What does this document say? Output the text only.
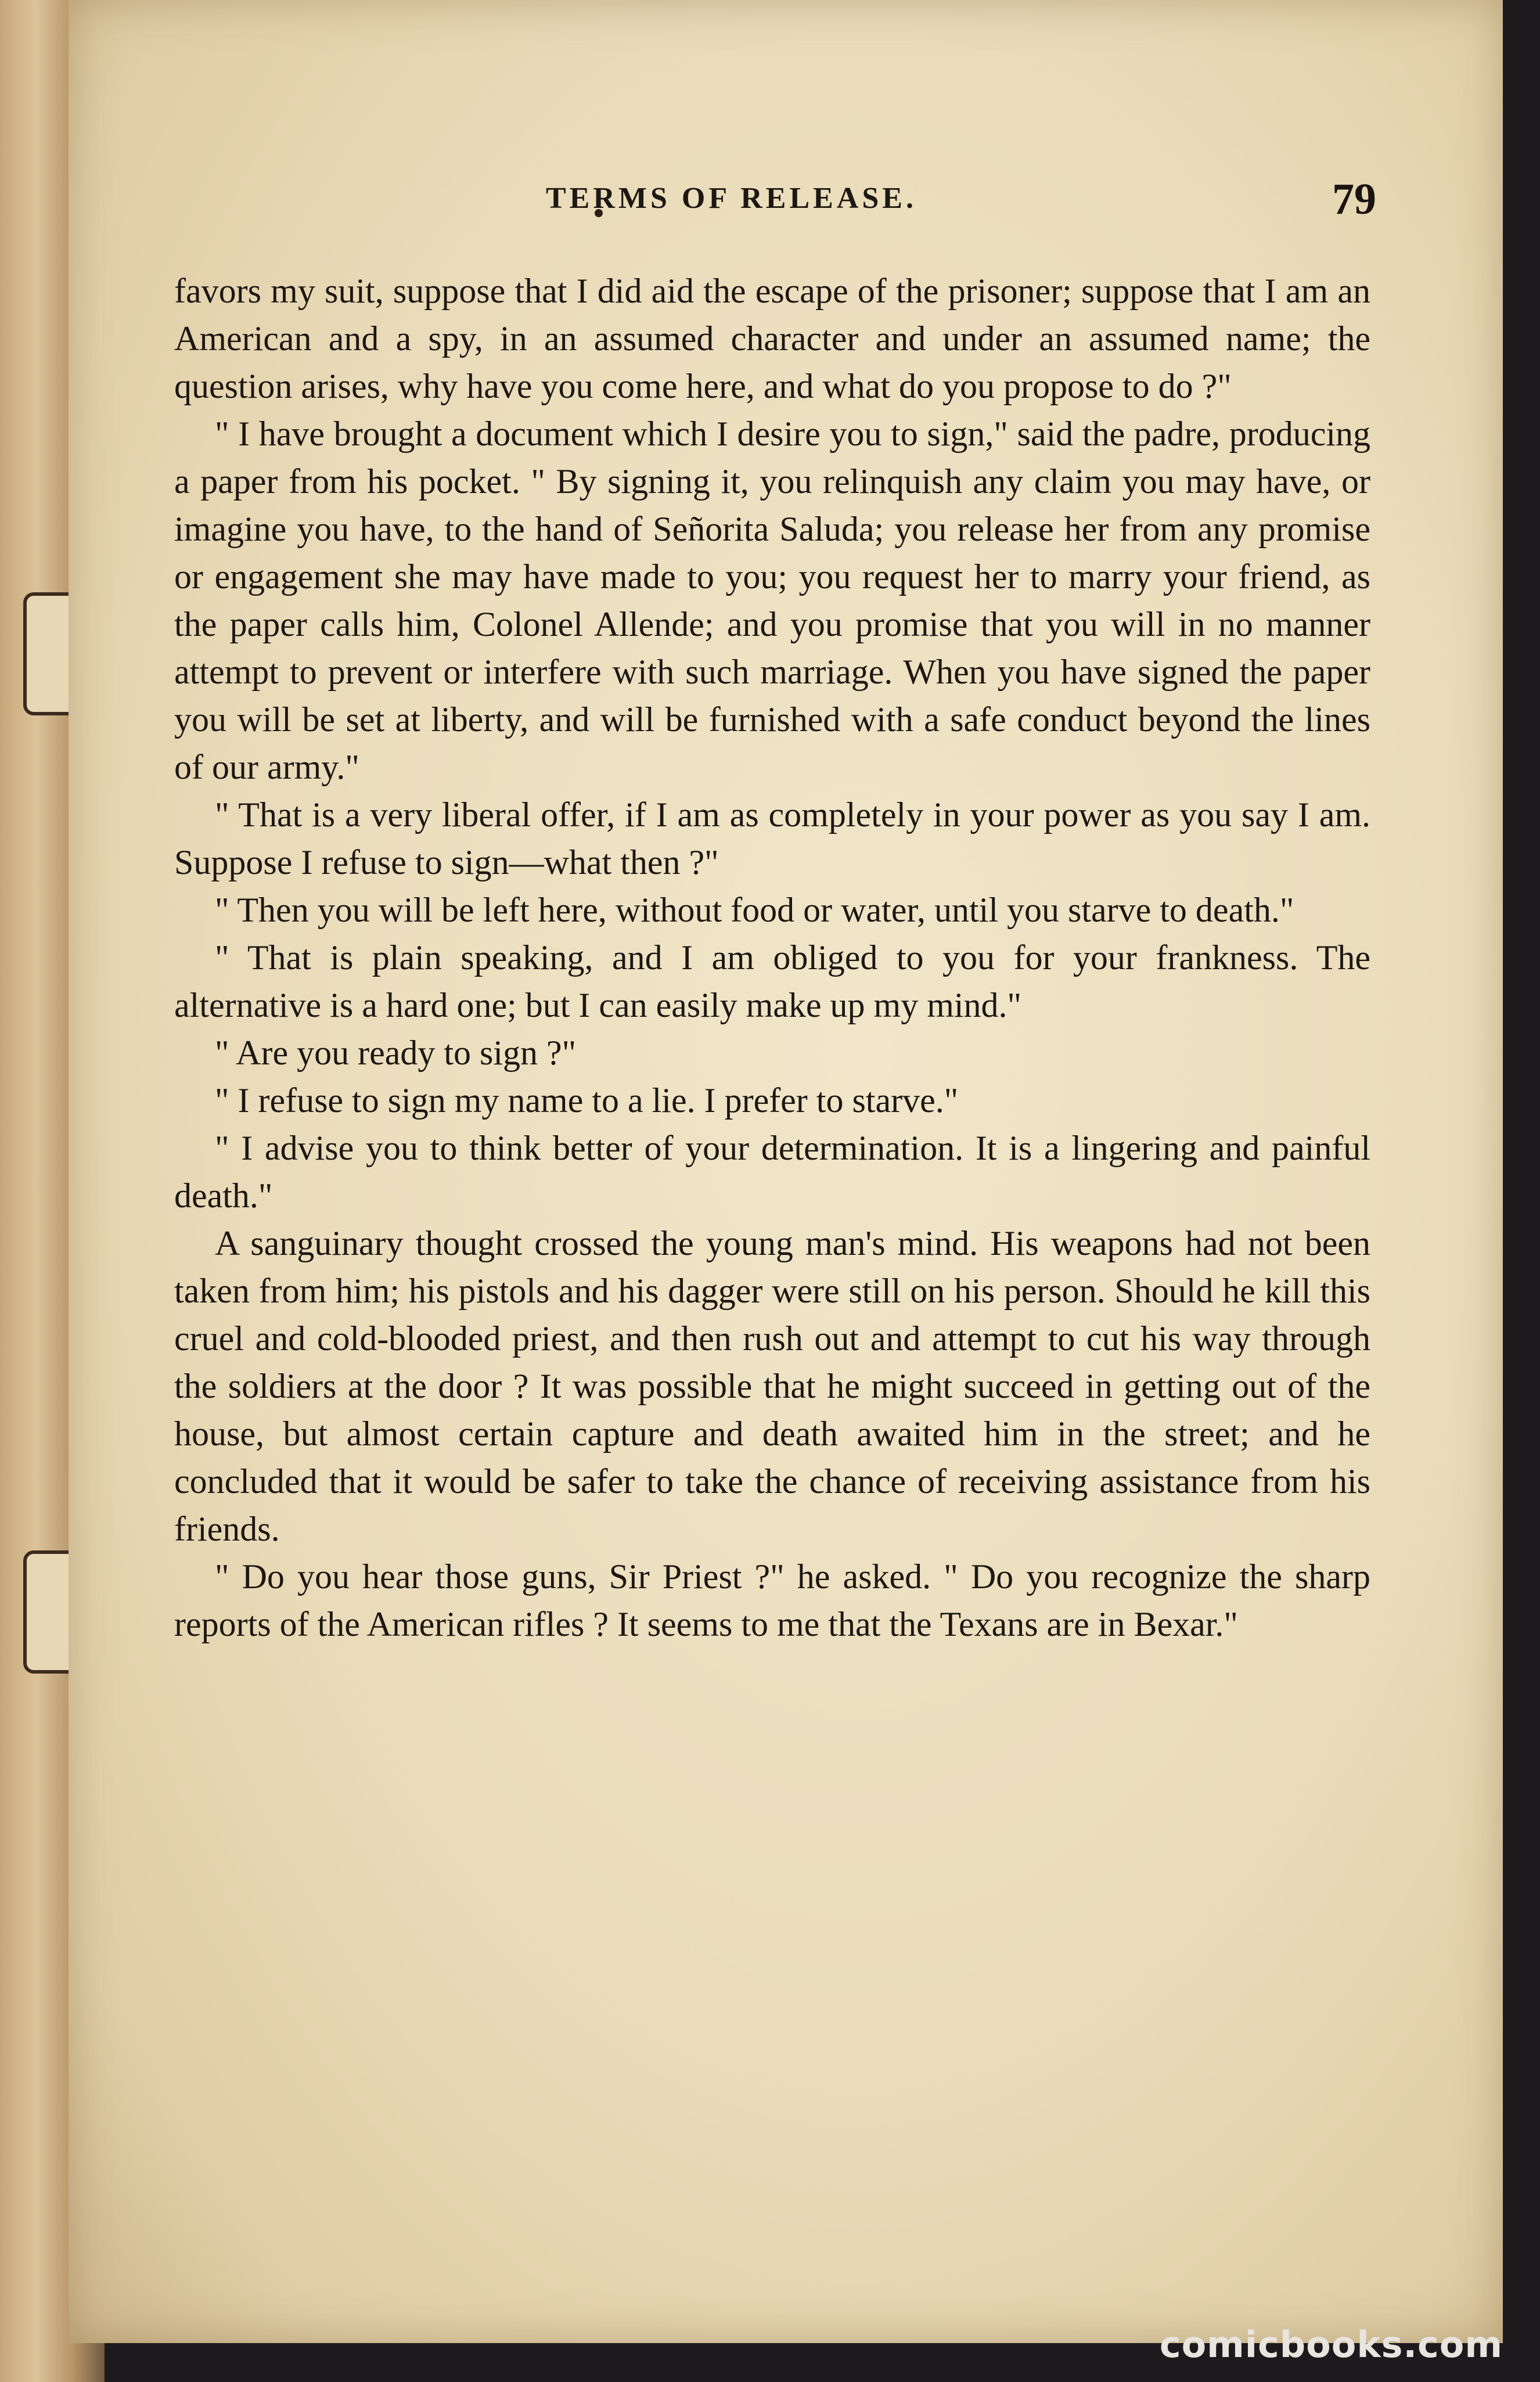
TERMS OF RELEASE.	79

favors my suit, suppose that I did aid the escape of the prisoner; suppose that I am an American and a spy, in an assumed character and under an assumed name; the question arises, why have you come here, and what do you propose to do ?"

" I have brought a document which I desire you to sign," said the padre, producing a paper from his pocket. " By signing it, you relinquish any claim you may have, or imagine you have, to the hand of Señorita Saluda; you release her from any promise or engagement she may have made to you; you request her to marry your friend, as the paper calls him, Colonel Allende; and you promise that you will in no manner attempt to prevent or interfere with such marriage. When you have signed the paper you will be set at liberty, and will be furnished with a safe conduct beyond the lines of our army."

" That is a very liberal offer, if I am as completely in your power as you say I am. Suppose I refuse to sign—what then ?"

" Then you will be left here, without food or water, until you starve to death."

" That is plain speaking, and I am obliged to you for your frankness. The alternative is a hard one; but I can easily make up my mind."

" Are you ready to sign ?"

" I refuse to sign my name to a lie. I prefer to starve."

" I advise you to think better of your determination. It is a lingering and painful death."

A sanguinary thought crossed the young man's mind. His weapons had not been taken from him; his pistols and his dagger were still on his person. Should he kill this cruel and cold-blooded priest, and then rush out and attempt to cut his way through the soldiers at the door ? It was possible that he might succeed in getting out of the house, but almost certain capture and death awaited him in the street; and he concluded that it would be safer to take the chance of receiving assistance from his friends.

" Do you hear those guns, Sir Priest ?" he asked. " Do you recognize the sharp reports of the American rifles ? It seems to me that the Texans are in Bexar."

comicbooks.com
